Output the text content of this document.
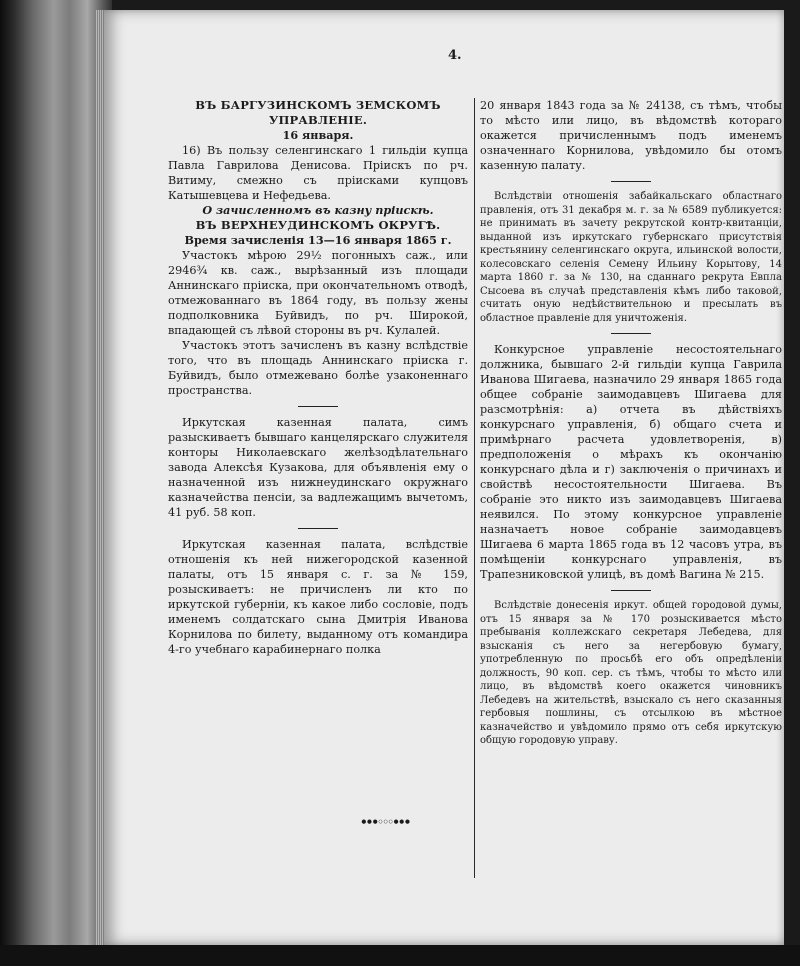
4.

ВЪ БАРГУЗИНСКОМЪ ЗЕМСКОМЪ УПРАВЛЕНІЕ.

16 января.

16) Въ пользу селенгинскаго 1 гильдіи купца Павла Гавриловa Денисова. Пріискъ по рч. Витиму, смежно съ пріисками купцовъ Катышевцева и Нефедьева.

О зачисленномъ въ казну пріискѣ.

ВЪ ВЕРХНЕУДИНСКОМЪ ОКРУГѢ.

Время зачисленія 13—16 января 1865 г.

Участокъ мѣрою 29½ погонныхъ саж., или 2946¾ кв. саж., вырѣзанный изъ площади Аннинскаго пріиска, при окончательномъ отводѣ, отмежованнаго въ 1864 году, въ пользу жены подполковника Буйвидъ, по рч. Широкой, впадающей съ лѣвой стороны въ рч. Кулалей.

Участокъ этотъ зачисленъ въ казну вслѣдствіе того, что въ площадь Аннинскаго пріиска г. Буйвидъ, было отмежевано болѣе узаконеннаго пространства.

Иркутская казенная палата, симъ разыскиваетъ бывшаго канцелярскаго служителя конторы Николаевскаго желѣзодѣлательнаго завода Алексѣя Кузакова, для объявленія ему о назначенной изъ нижнеудинскаго окружнаго казначейства пенсіи, за вадлежащимъ вычетомъ, 41 руб. 58 коп.

Иркутская казенная палата, вслѣдствіе отношенія къ ней нижегородской казенной палаты, отъ 15 января с. г. за № 159, розыскиваетъ: не причисленъ ли кто по иркутской губерніи, къ какое либо сословіе, подъ именемъ солдатскаго сына Дмитрія Иванова Корнилова по билету, выданному отъ командира 4-го учебнаго карабинернаго полка

20 января 1843 года за № 24138, съ тѣмъ, чтобы то мѣсто или лицо, въ вѣдомствѣ котораго окажется причисленнымъ подъ именемъ означеннаго Корнилова, увѣдомило бы отомъ казенную палату.

Вслѣдствіи отношенія забайкальскаго областнаго правленія, отъ 31 декабря м. г. за № 6589 публикуется: не принимать въ зачету рекрутской контр-квитанціи, выданной изъ иркутскаго губернскаго присутствія крестьянину селенгинскаго округа, ильинской волости, колесовскаго селенія Семену Ильину Корытову, 14 марта 1860 г. за № 130, на сданнаго рекрута Евпла Сысоева въ случаѣ представленія кѣмъ либо таковой, считать оную недѣйствительною и пресылать въ областное правленіе для уничтоженія.

Конкурсное управленіе несостоятельнаго должника, бывшаго 2-й гильдіи купца Гаврила Иванова Шигаева, назначило 29 января 1865 года общее собраніе заимодавцевъ Шигаева для разсмотрѣнія: а) отчета въ дѣйствіяхъ конкурснаго управленія, б) общаго счета и примѣрнаго расчета удовлетворенія, в) предположенія о мѣрахъ къ окончанію конкурснаго дѣла и г) заключенія о причинахъ и свойствѣ несостоятельности Шигаева. Въ собраніе это никто изъ заимодавцевъ Шигаева неявился. По этому конкурсное управленіе назначаетъ новое собраніе заимодавцевъ Шигаева 6 марта 1865 года въ 12 часовъ утра, въ помѣщеніи конкурснаго управленія, въ Трапезниковской улицѣ, въ домѣ Вагина № 215.

Вслѣдствіе донесенія иркут. общей городовой думы, отъ 15 января за № 170 розыскивается мѣсто пребыванія коллежскаго секретаря Лебедева, для взысканія съ него за негербовую бумагу, употребленную по просьбѣ его объ опредѣленіи должность, 90 коп. сер. съ тѣмъ, чтобы то мѣсто или лицо, въ вѣдомствѣ коего окажется чиновникъ Лебедевъ на жительствѣ, взыскало съ него сказанныя гербовыя пошлины, съ отсылкою въ мѣстное казначейство и увѣдомило прямо отъ себя иркутскую общую городовую управу.

•••◦◦◦•••
